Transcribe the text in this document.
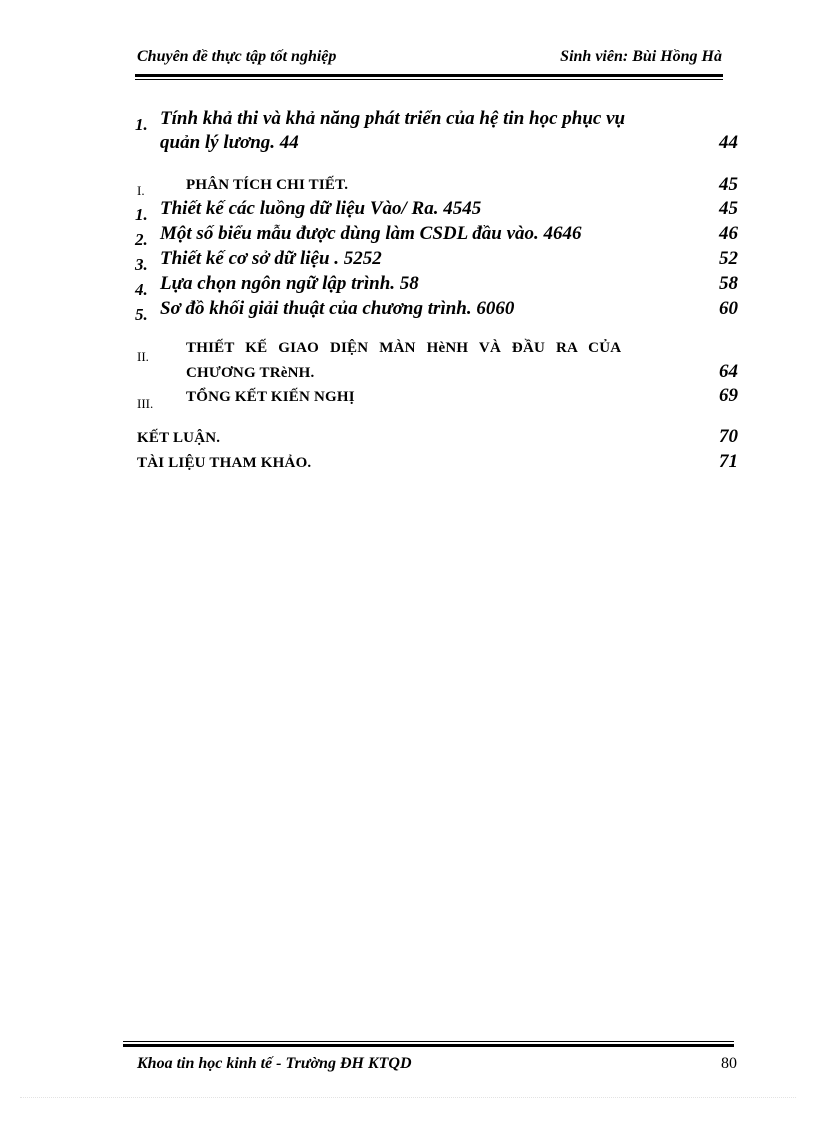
Chuyên đề thực tập tốt nghiệp	Sinh viên: Bùi Hồng Hà
1. Tính khả thi và khả năng phát triển của hệ tin học phục vụ
quản lý lương. 44	44
I.	PHÂN TÍCH CHI TIẾT.	45
1. Thiết kế các luồng dữ liệu Vào/ Ra. 4545	45
2. Một số biểu mẫu được dùng làm CSDL đầu vào. 4646	46
3. Thiết kế cơ sở dữ liệu . 5252	52
4. Lựa chọn ngôn ngữ lập trình. 58	58
5. Sơ đồ khối giải thuật của chương trình. 6060	60
II.
THIẾT KẾ GIAO DIỆN MÀN HèNH VÀ ĐẦU RA CỦA
CHƯƠNG TRèNH.	64
III. TỔNG KẾT KIẾN NGHỊ	69
KẾT LUẬN.	70
TÀI LIỆU THAM KHẢO.	71
Khoa tin học kinh tế - Trường ĐH KTQD	80
